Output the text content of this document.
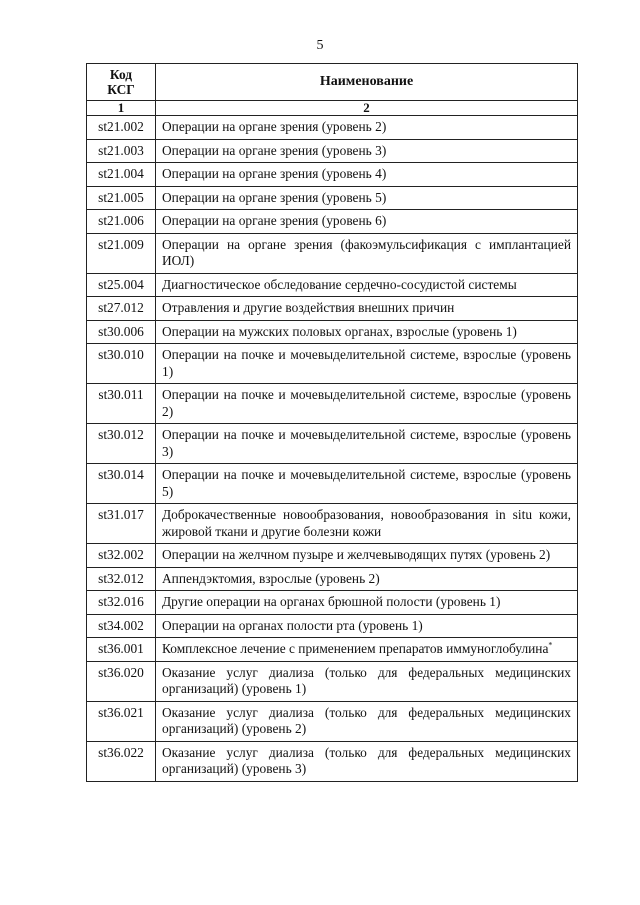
5
Код
КСГ	Наименование
1	2
st21.002	Операции на органе зрения (уровень 2)
st21.003	Операции на органе зрения (уровень 3)
st21.004	Операции на органе зрения (уровень 4)
st21.005	Операции на органе зрения (уровень 5)
st21.006	Операции на органе зрения (уровень 6)
st21.009	Операции на органе зрения (факоэмульсификация с имплантацией ИОЛ)
st25.004	Диагностическое обследование сердечно-сосудистой системы
st27.012	Отравления и другие воздействия внешних причин
st30.006	Операции на мужских половых органах, взрослые (уровень 1)
st30.010	Операции на почке и мочевыделительной системе, взрослые (уровень 1)
st30.011	Операции на почке и мочевыделительной системе, взрослые (уровень 2)
st30.012	Операции на почке и мочевыделительной системе, взрослые (уровень 3)
st30.014	Операции на почке и мочевыделительной системе, взрослые (уровень 5)
st31.017	Доброкачественные новообразования, новообразования in situ кожи, жировой ткани и другие болезни кожи
st32.002	Операции на желчном пузыре и желчевыводящих путях (уровень 2)
st32.012	Аппендэктомия, взрослые (уровень 2)
st32.016	Другие операции на органах брюшной полости (уровень 1)
st34.002	Операции на органах полости рта (уровень 1)
st36.001	Комплексное лечение с применением препаратов иммуноглобулина*
st36.020	Оказание услуг диализа (только для федеральных медицинских организаций) (уровень 1)
st36.021	Оказание услуг диализа (только для федеральных медицинских организаций) (уровень 2)
st36.022	Оказание услуг диализа (только для федеральных медицинских организаций) (уровень 3)
